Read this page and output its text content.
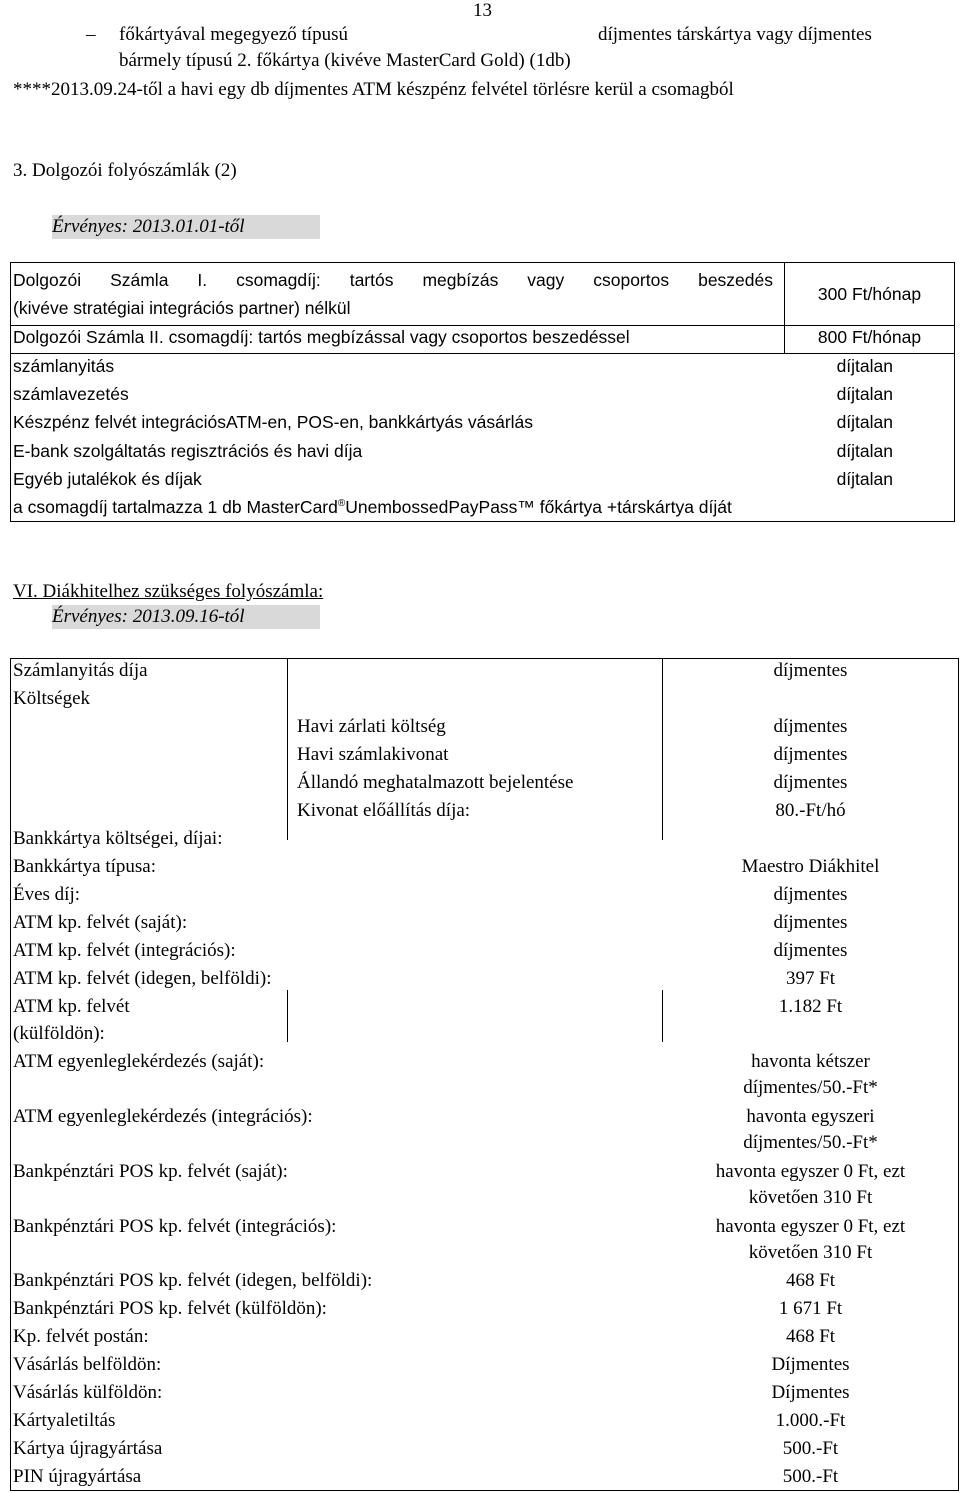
13
– főkártyával megegyező típusú	díjmentes társkártya vagy díjmentes
bármely típusú 2. főkártya (kivéve MasterCard Gold) (1db)
****2013.09.24-től a havi egy db díjmentes ATM készpénz felvétel törlésre kerül a csomagból
3. Dolgozói folyószámlák (2)
Érvényes: 2013.01.01-től
Dolgozói Számla I. csomagdíj: tartós megbízás vagy csoportos beszedés
(kivéve stratégiai integrációs partner) nélkül
300 Ft/hónap
Dolgozói Számla II. csomagdíj: tartós megbízással vagy csoportos beszedéssel	800 Ft/hónap
számlanyitás	díjtalan
számlavezetés	díjtalan
Készpénz felvét integrációsATM-en, POS-en, bankkártyás vásárlás	díjtalan
E-bank szolgáltatás regisztrációs és havi díja	díjtalan
Egyéb jutalékok és díjak	díjtalan
a csomagdíj tartalmazza 1 db MasterCard®UnembossedPayPass™ főkártya +társkártya díját
VI. Diákhitelhez szükséges folyószámla:
Érvényes: 2013.09.16-tól
Számlanyitás díja	díjmentes
Költségek
Havi zárlati költség	díjmentes
Havi számlakivonat	díjmentes
Állandó meghatalmazott bejelentése	díjmentes
Kivonat előállítás díja:	80.-Ft/hó
Bankkártya költségei, díjai:
Bankkártya típusa:	Maestro Diákhitel
Éves díj:	díjmentes
ATM kp. felvét (saját):	díjmentes
ATM kp. felvét (integrációs):	díjmentes
ATM kp. felvét (idegen, belföldi):	397 Ft
ATM kp. felvét
(külföldön):
1.182 Ft
ATM egyenleglekérdezés (saját):	havonta kétszer
díjmentes/50.-Ft*
ATM egyenleglekérdezés (integrációs):	havonta egyszeri
díjmentes/50.-Ft*
Bankpénztári POS kp. felvét (saját):	havonta egyszer 0 Ft, ezt
követően 310 Ft
Bankpénztári POS kp. felvét (integrációs):	havonta egyszer 0 Ft, ezt
követően 310 Ft
Bankpénztári POS kp. felvét (idegen, belföldi):	468 Ft
Bankpénztári POS kp. felvét (külföldön):	1 671 Ft
Kp. felvét postán:	468 Ft
Vásárlás belföldön:	Díjmentes
Vásárlás külföldön:	Díjmentes
Kártyaletiltás	1.000.-Ft
Kártya újragyártása	500.-Ft
PIN újragyártása	500.-Ft
